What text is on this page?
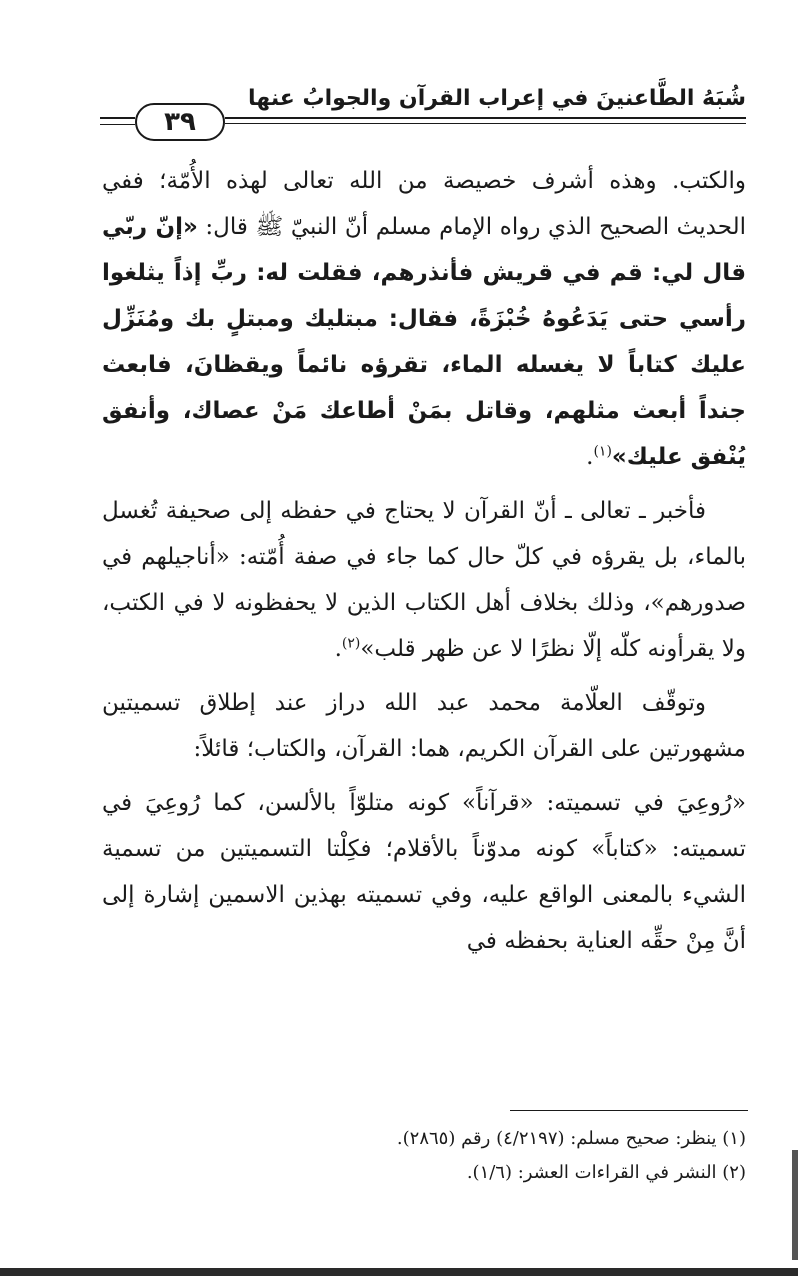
شُبَهُ الطَّاعنينَ في إعراب القرآن والجوابُ عنها
٣٩

والكتب. وهذه أشرف خصيصة من الله تعالى لهذه الأُمّة؛ ففي الحديث الصحيح الذي رواه الإمام مسلم أنّ النبيّ ﷺ قال: «إنّ ربّي قال لي: قم في قريش فأنذرهم، فقلت له: ربِّ إذاً يثلغوا رأسي حتى يَدَعُوهُ خُبْزَةً، فقال: مبتليك ومبتلٍ بك ومُنَزِّل عليك كتاباً لا يغسله الماء، تقرؤه نائماً ويقظانَ، فابعث جنداً أبعث مثلهم، وقاتل بمَنْ أطاعك مَنْ عصاك، وأنفق يُنْفق عليك»$^{(١)}$.

فأخبر ـ تعالى ـ أنّ القرآن لا يحتاج في حفظه إلى صحيفة تُغسل بالماء، بل يقرؤه في كلّ حال كما جاء في صفة أُمّته: «أناجيلهم في صدورهم»، وذلك بخلاف أهل الكتاب الذين لا يحفظونه لا في الكتب، ولا يقرأونه كلّه إلّا نظرًا لا عن ظهر قلب»$^{(٢)}$.

وتوقّف العلّامة محمد عبد الله دراز عند إطلاق تسميتين مشهورتين على القرآن الكريم، هما: القرآن، والكتاب؛ قائلاً:

«رُوعِيَ في تسميته: «قرآناً» كونه متلوّاً بالألسن، كما رُوعِيَ في تسميته: «كتاباً» كونه مدوّناً بالأقلام؛ فكِلْتا التسميتين من تسمية الشيء بالمعنى الواقع عليه، وفي تسميته بهذين الاسمين إشارة إلى أنَّ مِنْ حقِّه العناية بحفظه في

(١) ينظر: صحيح مسلم: (٤/٢١٩٧) رقم (٢٨٦٥).

(٢) النشر في القراءات العشر: (١/٦).
